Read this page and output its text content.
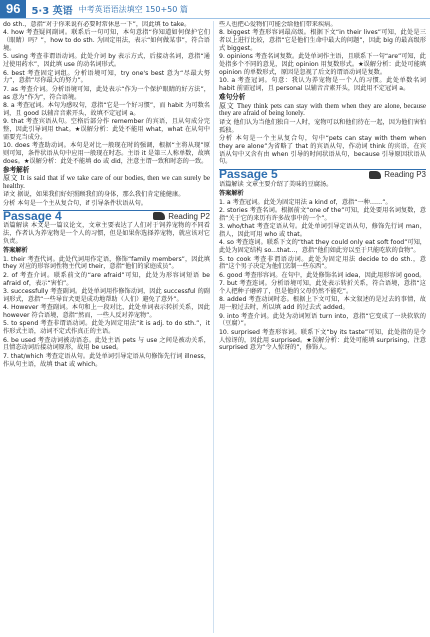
96	5·3 英语 中考英语语法填空 150+50 篇
do sth.，意指“对于你来说有必要时常休息一下”，因此填 to take。
4. how 考查疑问副词。联系后一句可知，本句意指“你知道如何保护它们（眼睛）吗？”，how to do sth. 为固定用法，表示“如何做某事”，符合语境。
5. using 考查非谓语动词。此处介词 by 表示方式，后接动名词，意指“通过使用药水”，因此填 use 的动名词形式。
6. best 考查固定词组。分析语境可知，try one's best 意为“尽最大努力”，意指“尽你最大的努力”。
7. as 考查介词。分析语境可知，此处表示“作为一个保护眼睛的好方法”，as 意为“作为”，符合语境。
8. a 考查冠词。本句为感叹句，意指“它是一个好习惯”，而 habit 为可数名词，且 good 以辅音音素开头，故填不定冠词 a。
9. that 考查宾语从句。空格后部分作 remember 的宾语，且从句成分完整，因此引导词用 that。★误解分析：此处不能用 what，what 在从句中需要充当成分。
10. does 考查助动词。本句是对比一般现在时的强调，根据“主将从现”原则可知，条件状语从句中应用一般现在时态。主语 it 是第三人称单数，故填 does。★误解分析：此处不能填 do 或 did，注意主谓一致和时态的一致。
参考解析
原文 It is said that if we take care of our bodies, then we can surely be healthy.
译文 据说，如果我们好好照顾我们的身体，那么我们肯定能健康。
分析 本句是一个主从复合句，if 引导条件状语从句。
Passage 4	Reading P2
语篇解读 本文是一篇议论文，文章主要表达了人们对于饲养宠物的不同看法，作者认为养宠物是一个人的习惯，但是如果你选择养宠物，就应该对它负责。
答案解析
1. their 考查代词。此处代词用作定语，修饰“family members”，因此填 they 对应的形容词性物主代词 their，意指“他们的家庭成员”。
2. of 考查介词。联系前文的“are afraid”可知，此处为形容词短语 be afraid of，表示“害怕”。
3. successfully 考查副词。此处单词用作修饰动词，因此 successful 的副词形式，意指“一些导盲犬更是成功地帮助（人们）避免了意外”。
4. However 考查副词。本句和上一段对比，此处单词表示转折关系，因此 however 符合语境，意指“然而，一些人反对养宠物”。
5. to spend 考查非谓语动词。此处为固定用法“it is adj. to do sth.”，it 作形式主语，动词不定式作真正的主语。
6. be used 考查动词被动语态。此处主语 pets 与 use 之间是被动关系，且情态动词后接动词原形，故用 be used。
7. that/which 考查定语从句。此处单词引导定语从句修饰先行词 illness，作从句主语，故填 that 或 which。
些人也把心爱物们可能会给他们带来疾病。
8. biggest 考查形容词最高级。根据下文“in their lives”可知，此处是三者以上进行比较，意指“它是他们生命中最大的问题”，因此 big 的最高级形式 biggest。
9. opinions 考查名词复数。此处单词作主语，且联系下一句“are”可知，此处指多个不同的意见，因此 opinion 用复数形式。★误解分析：此处可能填 opinion 的单数形式，原因是忽视了后文的谓语动词是复数。
10. a 考查冠词。句意：我认为养宠物是一个人的习惯。此处单数名词 habit 前需冠词，且 personal 以辅音音素开头，因此用不定冠词 a。
难句分析
原文 They think pets can stay with them when they are alone, because they are afraid of being lonely.
译文 他们认为当他们独自一人时，宠物可以和他们待在一起，因为他们害怕孤独。
分析 本句是一个主从复合句，句中“pets can stay with them when they are alone”为省略了 that 的宾语从句，作动词 think 的宾语，在宾语从句中又含有由 when 引导的时间状语从句，because 引导原因状语从句。
Passage 5	Reading P3
语篇解读 文章主要介绍了美味的豆腐汤。
答案解析
1. a 考查冠词。此处为固定用法 a kind of，意指“一种……”。
2. stories 考查名词。根据前文“one of the”可知，此处要用名词复数，意指“关于它的来历有许多故事中的一个”。
3. who/that 考查定语从句。此处单词引导定语从句，修饰先行词 man，指人，因此可用 who 或 that。
4. so 考查连词。联系下文的“that they could only eat soft food”可知，此处为固定结构 so...that...，意指“他们如此穷以至于只能吃软的食物”。
5. to cook 考查非谓语动词。此处为固定用法 decide to do sth.，意指“这个男子决定为他们烹制一些东西”。
6. good 考查形容词。在句中，此处修饰名词 idea，因此用形容词 good。
7. but 考查连词。分析语境可知，此处表示转折关系，符合语境，意指“这个人把种子磨碎了，但是他的父母仍然不能吃”。
8. added 考查动词时态。根据上下文可知，本文叙述的是过去的事情，故用一般过去时，所以填 add 的过去式 added。
9. into 考查介词。此处为动词短语 turn into，意指“它变成了一块软软的（豆腐）”。
10. surprised 考查形容词。联系下文“by its taste”可知，此处指的是令人惊讶的，因此用 surprised。★误解分析：此处可能填 surprising，注意 surprised 意为“令人惊讶的”，修饰人。
